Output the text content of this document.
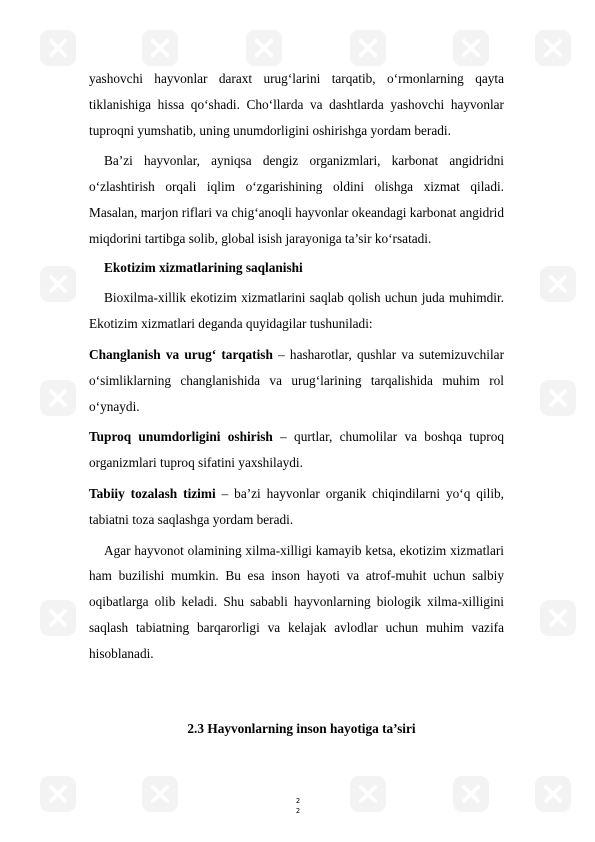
yashovchi hayvonlar daraxt urug‘larini tarqatib, o‘rmonlarning qayta tiklanishiga hissa qo‘shadi. Cho‘llarda va dashtlarda yashovchi hayvonlar tuproqni yumshatib, uning unumdorligini oshirishga yordam beradi.

Ba’zi hayvonlar, ayniqsa dengiz organizmlari, karbonat angidridni o‘zlashtirish orqali iqlim o‘zgarishining oldini olishga xizmat qiladi. Masalan, marjon riflari va chig‘anoqli hayvonlar okeandagi karbonat angidrid miqdorini tartibga solib, global isish jarayoniga ta’sir ko‘rsatadi.

Ekotizim xizmatlarining saqlanishi

Bioxilma-xillik ekotizim xizmatlarini saqlab qolish uchun juda muhimdir. Ekotizim xizmatlari deganda quyidagilar tushuniladi:

Changlanish va urug‘ tarqatish – hasharotlar, qushlar va sutemizuvchilar o‘simliklarning changlanishida va urug‘larining tarqalishida muhim rol o‘ynaydi.

Tuproq unumdorligini oshirish – qurtlar, chumolilar va boshqa tuproq organizmlari tuproq sifatini yaxshilaydi.

Tabiiy tozalash tizimi – ba’zi hayvonlar organik chiqindilarni yo‘q qilib, tabiatni toza saqlashga yordam beradi.

Agar hayvonot olamining xilma-xilligi kamayib ketsa, ekotizim xizmatlari ham buzilishi mumkin. Bu esa inson hayoti va atrof-muhit uchun salbiy oqibatlarga olib keladi. Shu sababli hayvonlarning biologik xilma-xilligini saqlash tabiatning barqarorligi va kelajak avlodlar uchun muhim vazifa hisoblanadi.

2.3 Hayvonlarning inson hayotiga ta’siri
2
2
